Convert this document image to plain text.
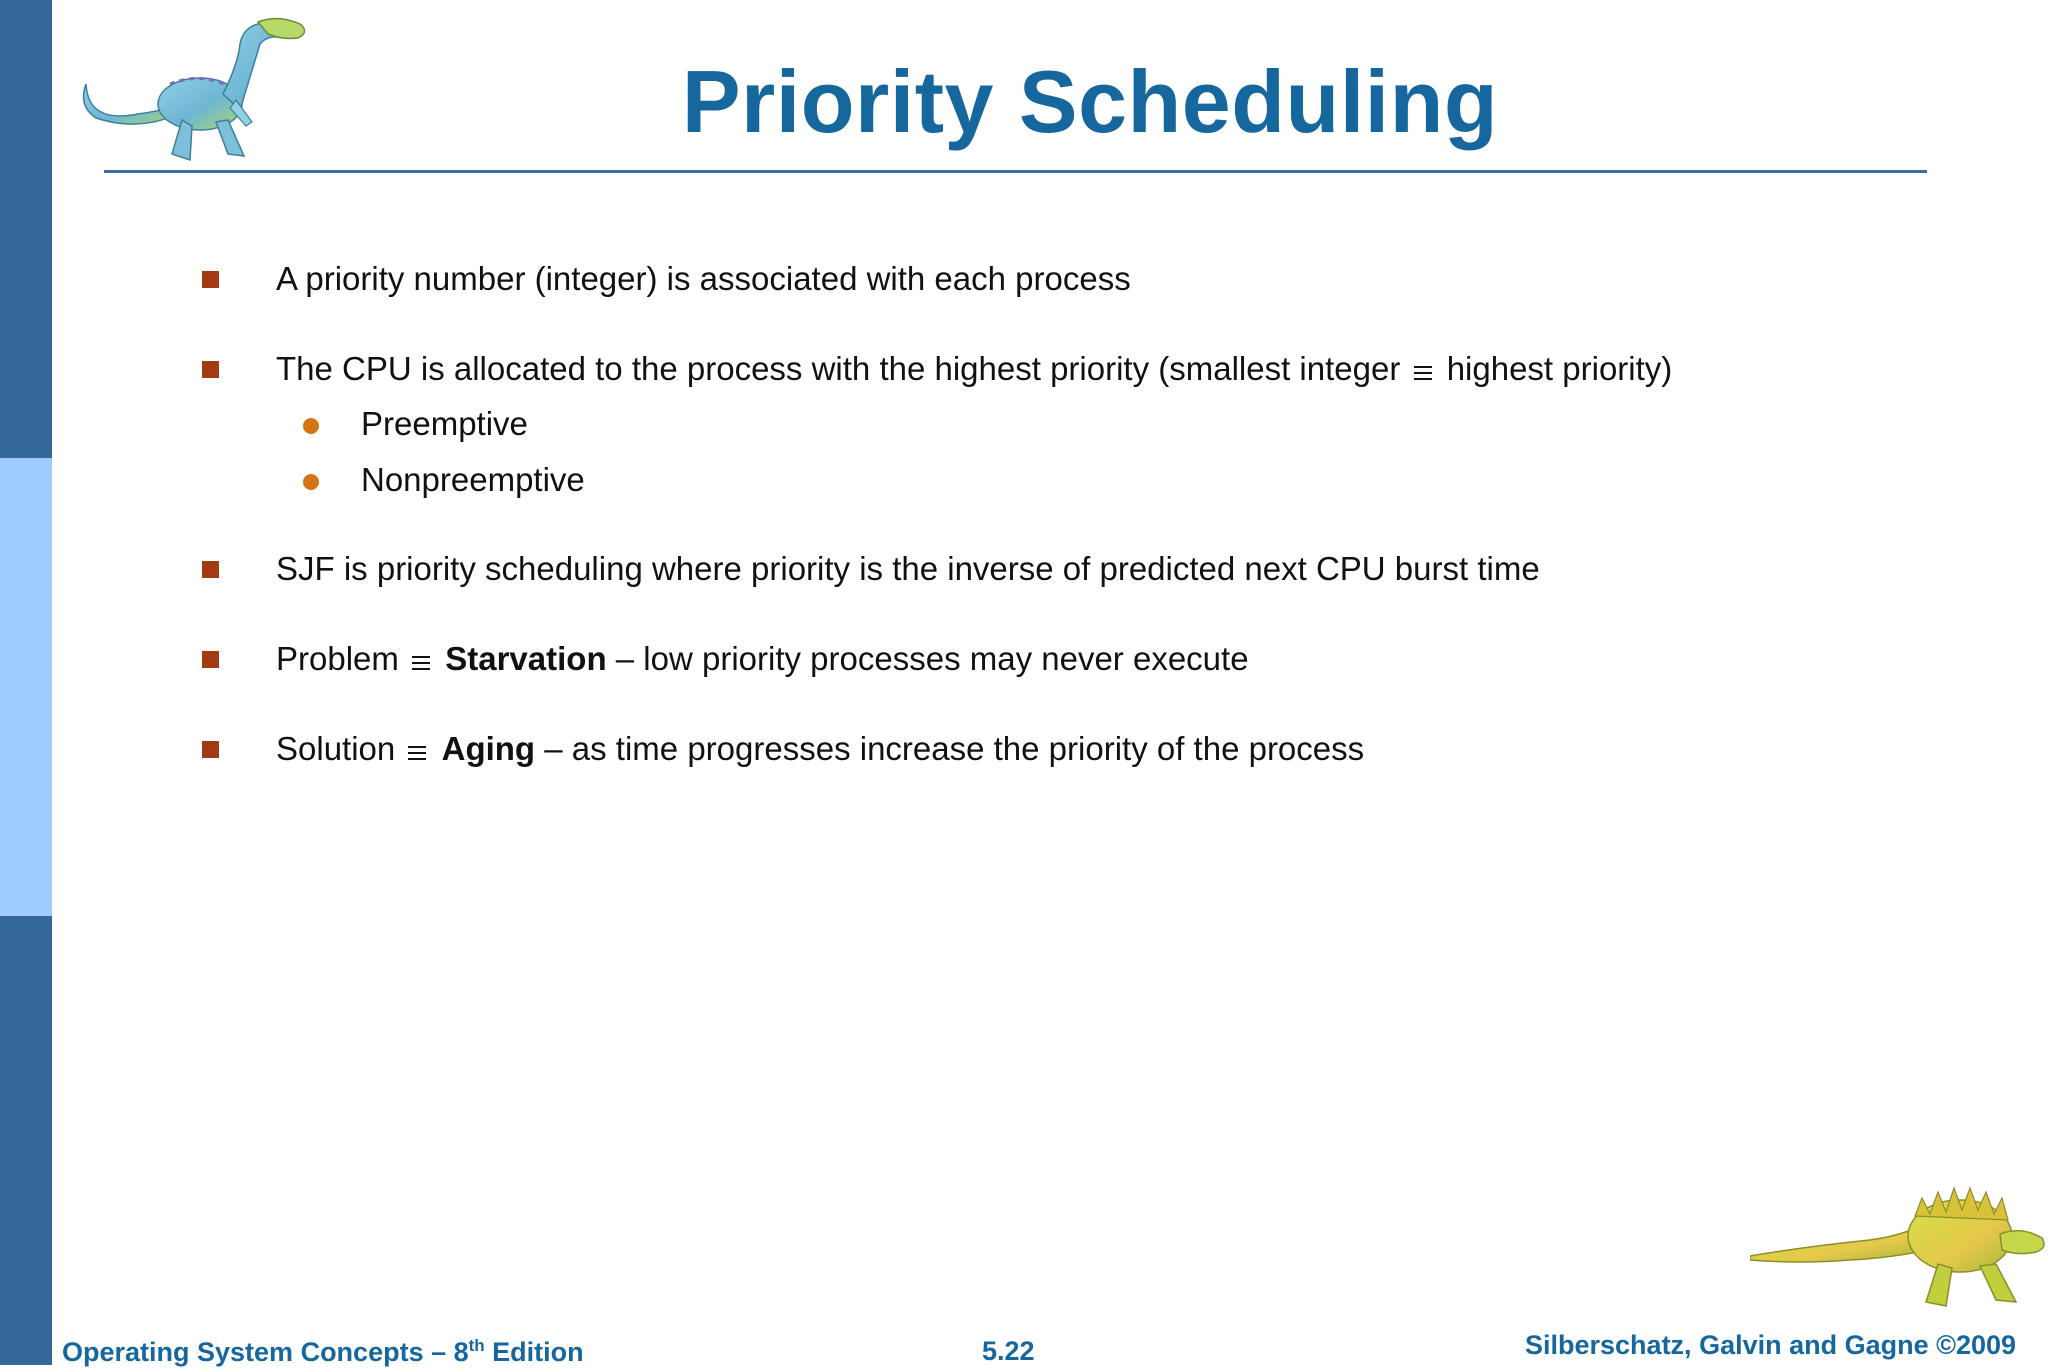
Priority Scheduling
A priority number (integer) is associated with each process
The CPU is allocated to the process with the highest priority (smallest integer highest priority)
Preemptive
Nonpreemptive
SJF is priority scheduling where priority is the inverse of predicted next CPU burst time
Problem Starvation – low priority processes may never execute
Solution Aging – as time progresses increase the priority of the process
Operating System Concepts – 8th Edition	5.22	Silberschatz, Galvin and Gagne ©2009
